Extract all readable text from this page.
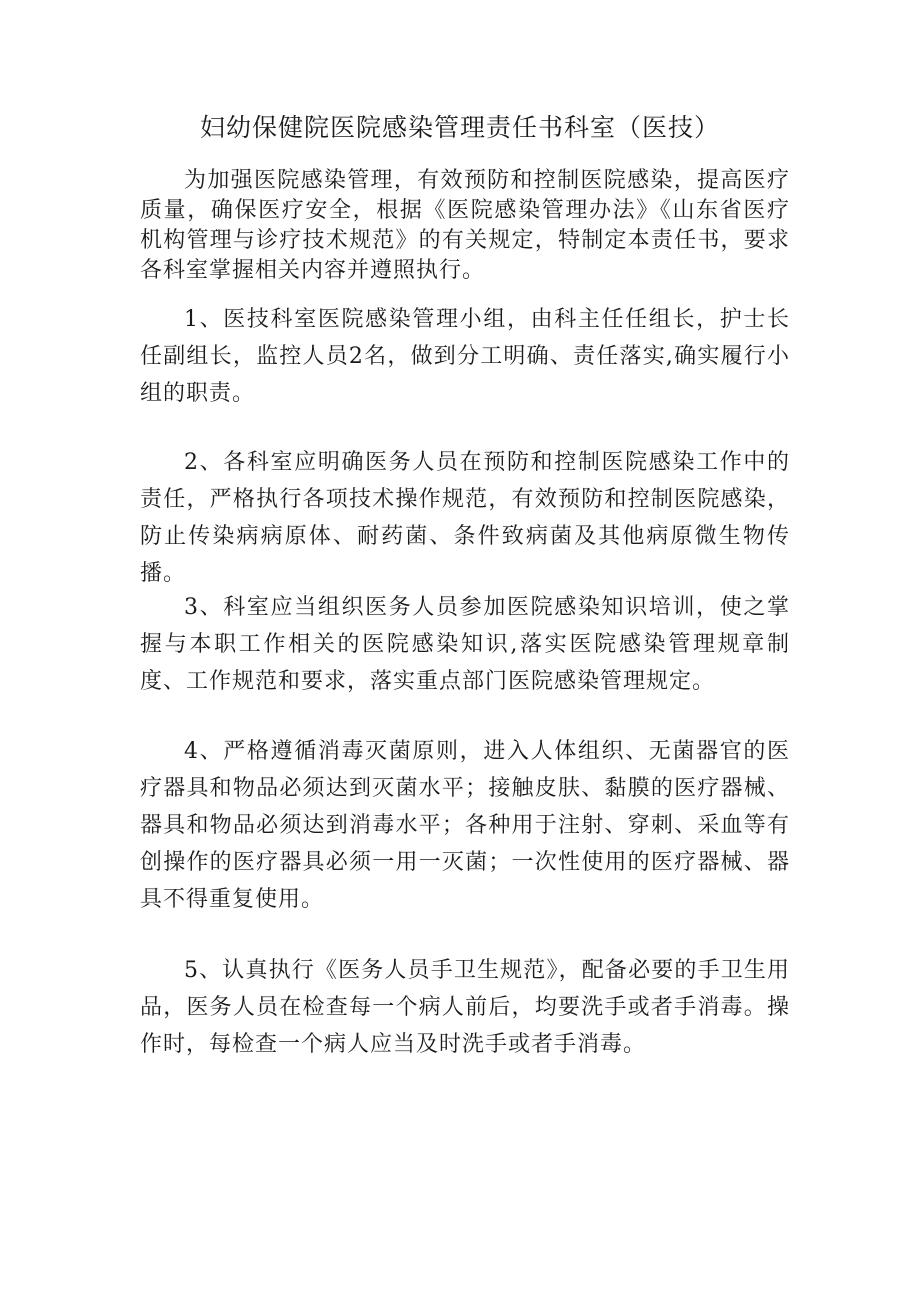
妇幼保健院医院感染管理责任书科室（医技）

为加强医院感染管理，有效预防和控制医院感染，提高医疗质量，确保医疗安全，根据《医院感染管理办法》《山东省医疗机构管理与诊疗技术规范》的有关规定，特制定本责任书，要求各科室掌握相关内容并遵照执行。

1、医技科室医院感染管理小组，由科主任任组长，护士长任副组长，监控人员2名，做到分工明确、责任落实,确实履行小组的职责。

2、各科室应明确医务人员在预防和控制医院感染工作中的责任，严格执行各项技术操作规范，有效预防和控制医院感染，防止传染病病原体、耐药菌、条件致病菌及其他病原微生物传播。

3、科室应当组织医务人员参加医院感染知识培训，使之掌握与本职工作相关的医院感染知识,落实医院感染管理规章制度、工作规范和要求，落实重点部门医院感染管理规定。

4、严格遵循消毒灭菌原则，进入人体组织、无菌器官的医疗器具和物品必须达到灭菌水平；接触皮肤、黏膜的医疗器械、器具和物品必须达到消毒水平；各种用于注射、穿刺、采血等有创操作的医疗器具必须一用一灭菌；一次性使用的医疗器械、器具不得重复使用。

5、认真执行《医务人员手卫生规范》，配备必要的手卫生用品，医务人员在检查每一个病人前后，均要洗手或者手消毒。操作时，每检查一个病人应当及时洗手或者手消毒。
